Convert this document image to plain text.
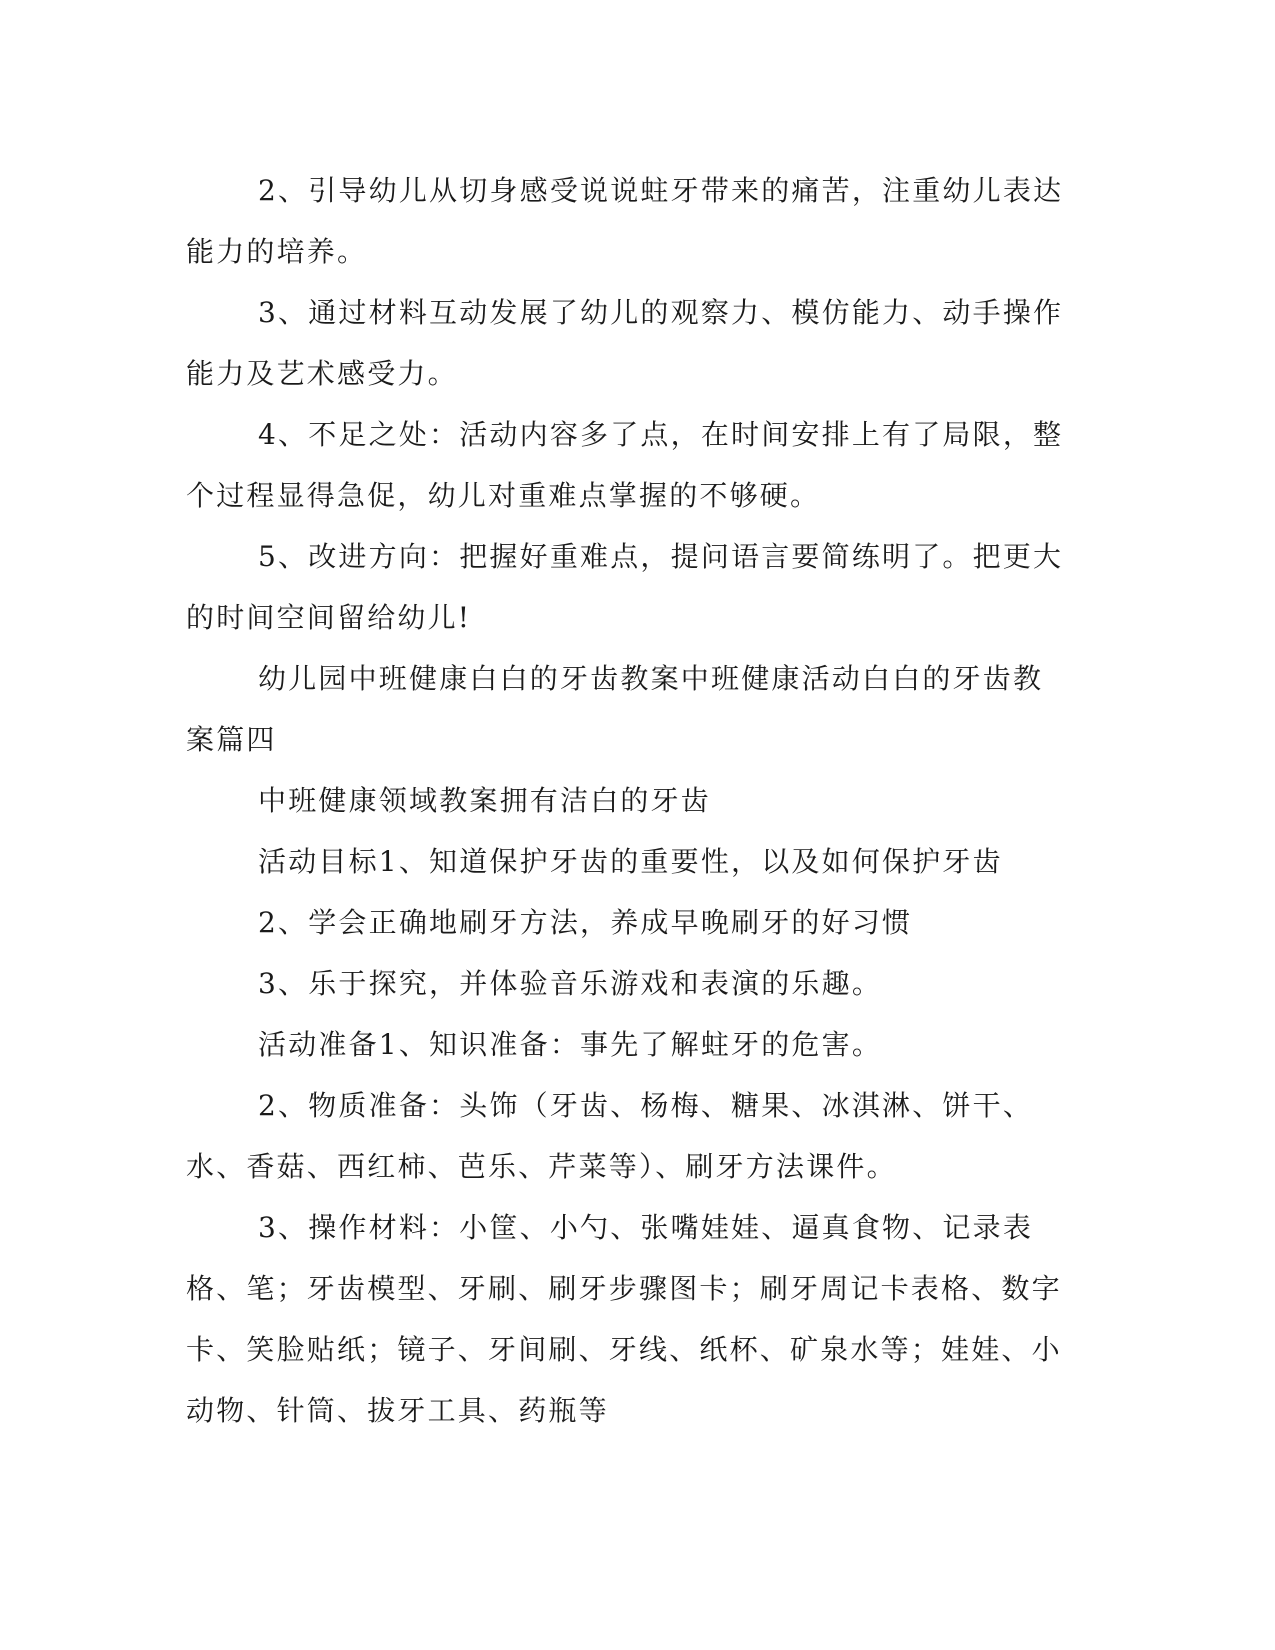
2、引导幼儿从切身感受说说蛀牙带来的痛苦，注重幼儿表达能力的培养。

3、通过材料互动发展了幼儿的观察力、模仿能力、动手操作能力及艺术感受力。

4、不足之处：活动内容多了点，在时间安排上有了局限，整个过程显得急促，幼儿对重难点掌握的不够硬。

5、改进方向：把握好重难点，提问语言要简练明了。把更大的时间空间留给幼儿!

幼儿园中班健康白白的牙齿教案中班健康活动白白的牙齿教案篇四

中班健康领域教案拥有洁白的牙齿

活动目标1、知道保护牙齿的重要性，以及如何保护牙齿

2、学会正确地刷牙方法，养成早晚刷牙的好习惯

3、乐于探究，并体验音乐游戏和表演的乐趣。

活动准备1、知识准备：事先了解蛀牙的危害。

2、物质准备：头饰（牙齿、杨梅、糖果、冰淇淋、饼干、水、香菇、西红柿、芭乐、芹菜等）、刷牙方法课件。

3、操作材料：小筐、小勺、张嘴娃娃、逼真食物、记录表格、笔；牙齿模型、牙刷、刷牙步骤图卡；刷牙周记卡表格、数字卡、笑脸贴纸；镜子、牙间刷、牙线、纸杯、矿泉水等；娃娃、小动物、针筒、拔牙工具、药瓶等
